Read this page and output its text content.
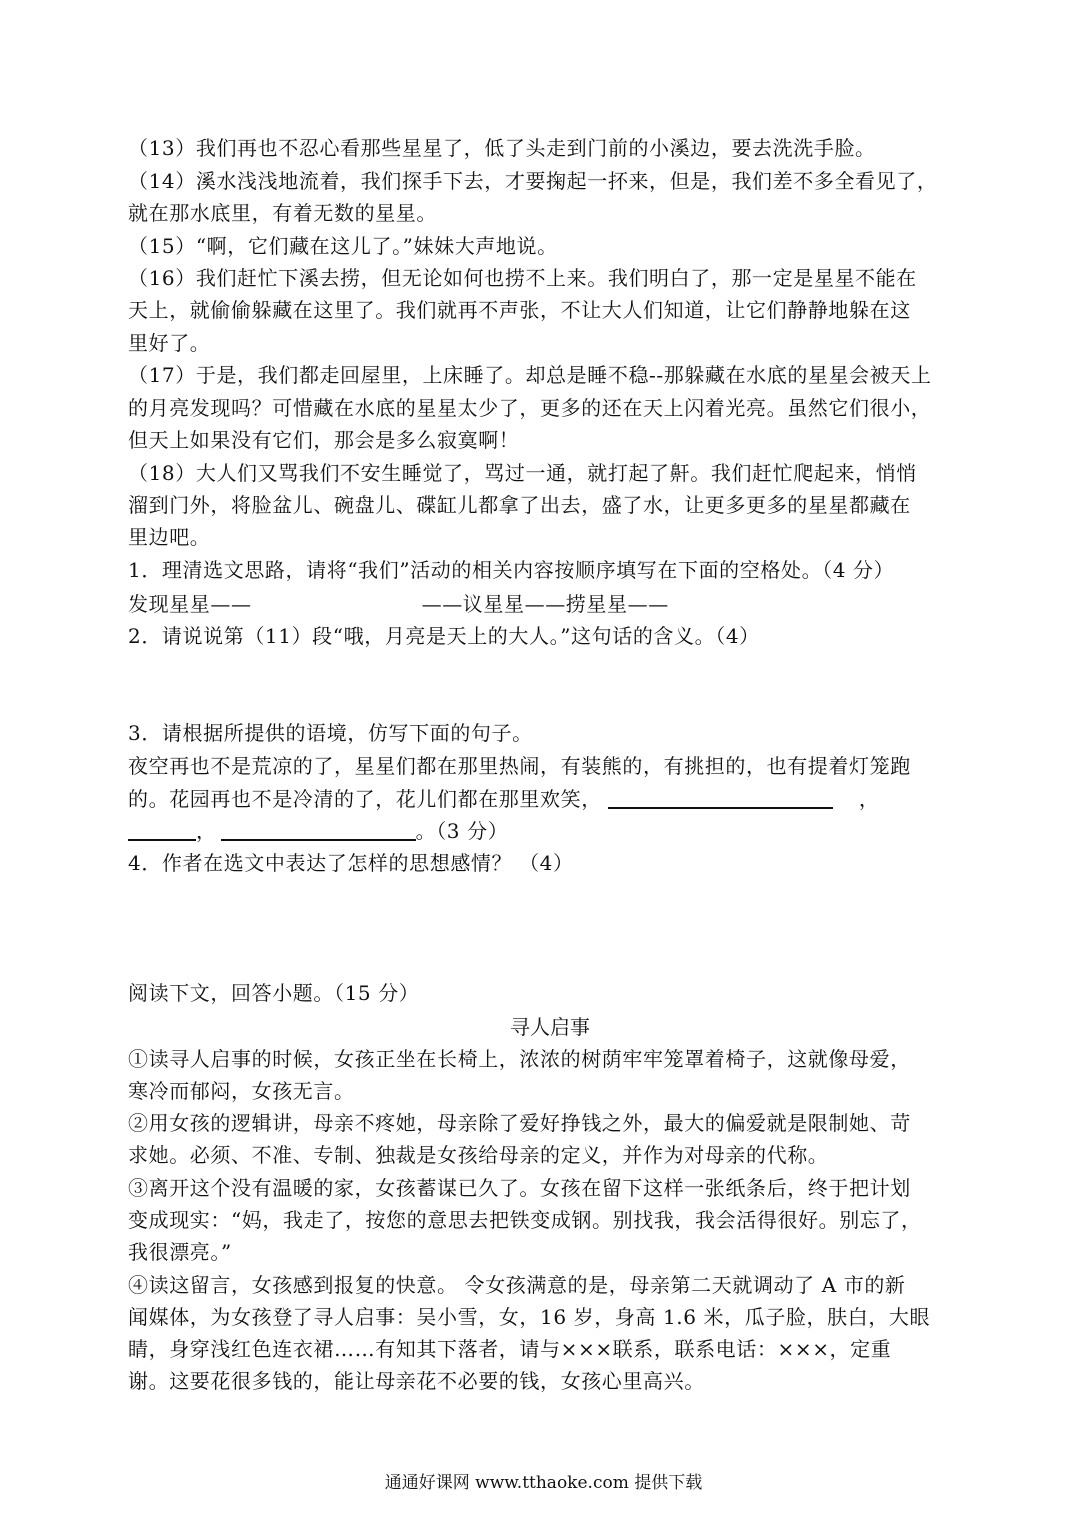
（13）我们再也不忍心看那些星星了，低了头走到门前的小溪边，要去洗洗手脸。
（14）溪水浅浅地流着，我们探手下去，才要掬起一抔来，但是，我们差不多全看见了，
就在那水底里，有着无数的星星。
（15）“啊，它们藏在这儿了。”妹妹大声地说。
（16）我们赶忙下溪去捞，但无论如何也捞不上来。我们明白了，那一定是星星不能在
天上，就偷偷躲藏在这里了。我们就再不声张，不让大人们知道，让它们静静地躲在这
里好了。
（17）于是，我们都走回屋里，上床睡了。却总是睡不稳--那躲藏在水底的星星会被天上
的月亮发现吗？可惜藏在水底的星星太少了，更多的还在天上闪着光亮。虽然它们很小，
但天上如果没有它们，那会是多么寂寞啊！
（18）大人们又骂我们不安生睡觉了，骂过一通，就打起了鼾。我们赶忙爬起来，悄悄
溜到门外，将脸盆儿、碗盘儿、碟缸儿都拿了出去，盛了水，让更多更多的星星都藏在
里边吧。
1．理清选文思路，请将“我们”活动的相关内容按顺序填写在下面的空格处。（4 分）
发现星星——	——议星星——捞星星——
2．请说说第（11）段“哦，月亮是天上的大人。”这句话的含义。（4）
3．请根据所提供的语境，仿写下面的句子。
夜空再也不是荒凉的了，星星们都在那里热闹，有装熊的，有挑担的，也有提着灯笼跑
的。花园再也不是冷清的了，花儿们都在那里欢笑，	，
，	。（3 分）
4．作者在选文中表达了怎样的思想感情？ （4）
阅读下文，回答小题。（15 分）
寻人启事
①读寻人启事的时候，女孩正坐在长椅上，浓浓的树荫牢牢笼罩着椅子，这就像母爱，
寒冷而郁闷，女孩无言。
②用女孩的逻辑讲，母亲不疼她，母亲除了爱好挣钱之外，最大的偏爱就是限制她、苛
求她。必须、不准、专制、独裁是女孩给母亲的定义，并作为对母亲的代称。
③离开这个没有温暖的家，女孩蓄谋已久了。女孩在留下这样一张纸条后，终于把计划
变成现实：“妈，我走了，按您的意思去把铁变成钢。别找我，我会活得很好。别忘了，
我很漂亮。”
④读这留言，女孩感到报复的快意。 令女孩满意的是，母亲第二天就调动了 A 市的新
闻媒体，为女孩登了寻人启事：吴小雪，女，16 岁，身高 1.6 米，瓜子脸，肤白，大眼
睛，身穿浅红色连衣裙……有知其下落者，请与×××联系，联系电话：×××，定重
谢。这要花很多钱的，能让母亲花不必要的钱，女孩心里高兴。
通通好课网 www.tthaoke.com 提供下载
